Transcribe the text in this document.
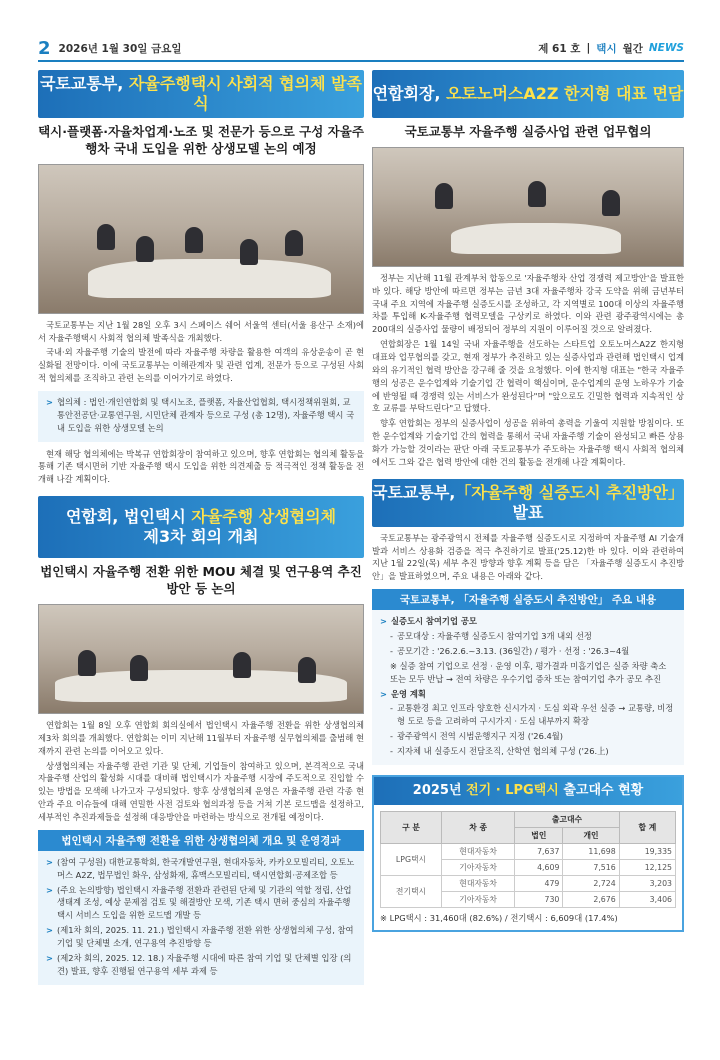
2 2026년 1월 30일 금요일	제 61 호 | 택시 월간 NEWS
국토교통부, 자율주행택시 사회적 협의체 발족식
택시·플랫폼·자율차업계·노조 및 전문가 등으로 구성 자율주행차 국내 도입을 위한 상생모델 논의 예정

국토교통부는 지난 1월 28일 오후 3시 스페이스 쉐어 서울역 센터(서울 용산구 소재)에서 자율주행택시 사회적 협의체 발족식을 개최했다.

국내·외 자율주행 기술의 발전에 따라 자율주행 차량을 활용한 여객의 유상운송이 곧 현실화될 전망이다. 이에 국토교통부는 이해관계자 및 관련 업계, 전문가 등으로 구성된 사회적 협의체를 조직하고 관련 논의를 이어가기로 하였다.

> 협의체 : 법인·개인연합회 및 택시노조, 플랫폼, 자율산업협회, 택시정책위원회, 교통안전공단·교통연구원, 시민단체 관계자 등으로 구성 (총 12명), 자율주행 택시 국내 도입을 위한 상생모델 논의

현재 해당 협의체에는 박복규 연합회장이 참여하고 있으며, 향후 연합회는 협의체 활동을 통해 기존 택시면허 기반 자율주행 택시 도입을 위한 의견제출 등 적극적인 정책 활동을 전개해 나갈 계획이다.

연합회, 법인택시 자율주행 상생협의체
제3차 회의 개최
법인택시 자율주행 전환 위한 MOU 체결 및 연구용역 추진방안 등 논의

연합회는 1월 8일 오후 연합회 회의실에서 법인택시 자율주행 전환을 위한 상생협의체 제3차 회의를 개최했다. 연합회는 이미 지난해 11월부터 자율주행 실무협의체를 출범해 현재까지 관련 논의를 이어오고 있다.

상생협의체는 자율주행 관련 기관 및 단체, 기업들이 참여하고 있으며, 본격적으로 국내 자율주행 산업의 활성화 시대를 대비해 법인택시가 자율주행 시장에 주도적으로 진입할 수 있는 방법을 모색해 나가고자 구성되었다. 향후 상생협의체 운영은 자율주행 관련 각종 현안과 주요 이슈들에 대해 연밀한 사전 검토와 협의과정 등을 거쳐 기본 로드맵을 설정하고, 세부적인 추진과제들을 설정해 대응방안을 마련하는 방식으로 전개될 예정이다.

법인택시 자율주행 전환을 위한 상생협의체 개요 및 운영경과
> (참여 구성원) 대한교통학회, 한국개발연구원, 현대자동차, 카카오모빌리티, 오토노머스 A2Z, 법무법인 화우, 삼성화재, 휴맥스모빌리티, 택시연합회·공제조합 등
> (주요 논의방향) 법인택시 자율주행 전환과 관련된 단체 및 기관의 역할 정립, 산업생태계 조성, 예상 문제점 검토 및 해결방안 모색, 기존 택시 면허 중심의 자율주행택시 서비스 도입을 위한 로드맵 개발 등
> (제1차 회의, 2025. 11. 21.) 법인택시 자율주행 전환 위한 상생협의체 구성, 참여 기업 및 단체별 소개, 연구용역 추진방향 등
> (제2차 회의, 2025. 12. 18.) 자율주행 시대에 따른 참여 기업 및 단체별 입장 (의견) 발표, 향후 진행될 연구용역 세부 과제 등
연합회장, 오토노머스A2Z 한지형 대표 면담
국토교통부 자율주행 실증사업 관련 업무협의

정부는 지난해 11월 관계부처 합동으로 '자율주행차 산업 경쟁력 제고방안'을 발표한 바 있다. 해당 방안에 따르면 정부는 금년 3대 자율주행차 강국 도약을 위해 금년부터 국내 주요 지역에 자율주행 실증도시를 조성하고, 각 지역별로 100대 이상의 자율주행차를 투입해 K-자율주행 협력모델을 구상키로 하였다. 이와 관련 광주광역시에는 총 200대의 실증사업 물량이 배정되어 정부의 지원이 이루어질 것으로 알려졌다.

연합회장은 1월 14일 국내 자율주행을 선도하는 스타트업 오토노머스A2Z 한지형 대표와 업무협의를 갖고, 현재 정부가 추진하고 있는 실증사업과 관련해 법인택시 업계와의 유기적인 협력 방안을 강구해 줄 것을 요청했다. 이에 한지형 대표는 "한국 자율주행의 성공은 운수업계와 기술기업 간 협력이 핵심이며, 운수업계의 운영 노하우가 기술에 반영될 때 경쟁력 있는 서비스가 완성된다"며 "앞으로도 긴밀한 협력과 지속적인 상호 교류를 부탁드린다"고 답했다.

향후 연합회는 정부의 실증사업이 성공을 위하여 총력을 기울여 지원할 방침이다. 또한 운수업계와 기술기업 간의 협력을 통해서 국내 자율주행 기술이 완성되고 빠른 상용화가 가능할 것이라는 판단 아래 국토교통부가 주도하는 자율주행 택시 사회적 협의체에서도 그와 같은 협력 방안에 대한 건의 활동을 전개해 나갈 계획이다.

국토교통부,「자율주행 실증도시 추진방안」 발표

국토교통부는 광주광역시 전체를 자율주행 실증도시로 지정하여 자율주행 AI 기술개발과 서비스 상용화 검증을 적극 추진하기로 발표('25.12)한 바 있다. 이와 관련하여 지난 1월 22일(목) 세부 추진 방향과 향후 계획 등을 담은 「자율주행 실증도시 추진방안」을 발표하였으며, 주요 내용은 아래와 같다.

국토교통부, 「자율주행 실증도시 추진방안」 주요 내용
> 실증도시 참여기업 공모
- 공모대상 : 자율주행 실증도시 참여기업 3개 내외 선정
- 공모기간 : '26.2.6.~3.13. (36일간) / 평가 · 선정 : '26.3~4월
※ 실증 참여 기업으로 선정 · 운영 이후, 평가결과 미흡기업은 실증 차량 축소 또는 모두 반납 → 전여 차량은 우수기업 증차 또는 참여기업 추가 공모 추진
> 운영 계획
- 교통환경 최고 인프라 양호한 신시가지 · 도심 외곽 우선 실증 → 교통량, 비정형 도로 등을 고려하여 구시가지 · 도심 내부까지 확장
- 광주광역시 전역 시범운행지구 지정 ('26.4월)
- 지자체 내 실증도시 전담조직, 산학연 협의체 구성 ('26.上)
2025년 전기 · LPG택시 출고대수 현황
구 분	차 종	출고대수		합 계
		법인	개인	
LPG택시	현대자동차	7,637	11,698	19,335
	기아자동차	4,609	7,516	12,125
전기택시	현대자동차	479	2,724	3,203
	기아자동차	730	2,676	3,406
※ LPG택시 : 31,460대 (82.6%) / 전기택시 : 6,609대 (17.4%)
